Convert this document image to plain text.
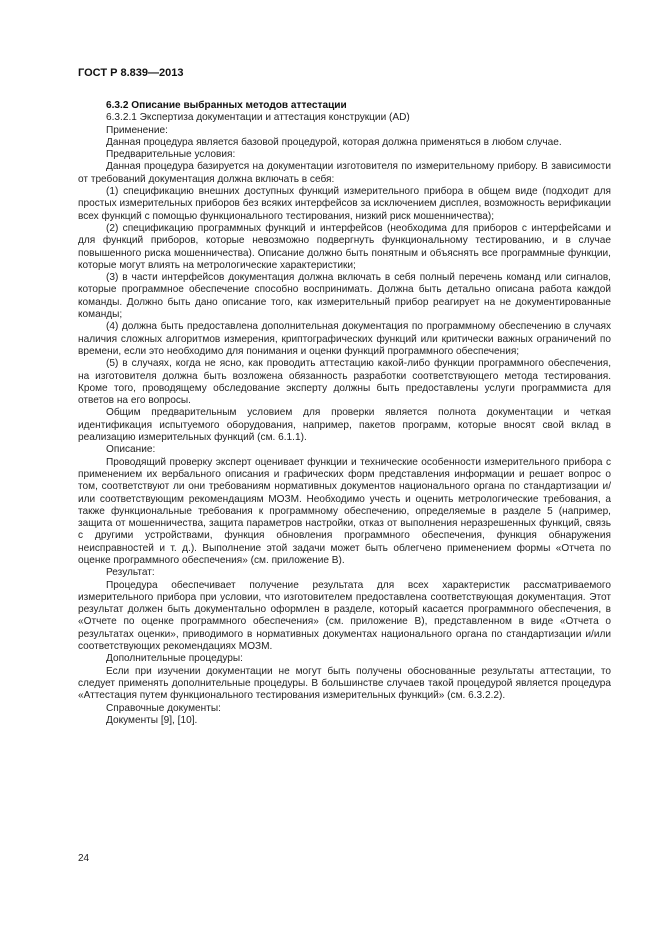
ГОСТ Р 8.839—2013

6.3.2 Описание выбранных методов аттестации

6.3.2.1 Экспертиза документации и аттестация конструкции (AD)

Применение:

Данная процедура является базовой процедурой, которая должна применяться в любом случае.

Предварительные условия:

Данная процедура базируется на документации изготовителя по измерительному прибору. В зависимости от требований документация должна включать в себя:

(1) спецификацию внешних доступных функций измерительного прибора в общем виде (подходит для простых измерительных приборов без всяких интерфейсов за исключением дисплея, возможность верификации всех функций с помощью функционального тестирования, низкий риск мошенничества);

(2) спецификацию программных функций и интерфейсов (необходима для приборов с интерфейсами и для функций приборов, которые невозможно подвергнуть функциональному тестированию, и в случае повышенного риска мошенничества). Описание должно быть понятным и объяснять все программные функции, которые могут влиять на метрологические характеристики;

(3) в части интерфейсов документация должна включать в себя полный перечень команд или сигналов, которые программное обеспечение способно воспринимать. Должна быть детально описана работа каждой команды. Должно быть дано описание того, как измерительный прибор реагирует на не документированные команды;

(4) должна быть предоставлена дополнительная документация по программному обеспечению в случаях наличия сложных алгоритмов измерения, криптографических функций или критически важных ограничений по времени, если это необходимо для понимания и оценки функций программного обеспечения;

(5) в случаях, когда не ясно, как проводить аттестацию какой-либо функции программного обеспечения, на изготовителя должна быть возложена обязанность разработки соответствующего метода тестирования. Кроме того, проводящему обследование эксперту должны быть предоставлены услуги программиста для ответов на его вопросы.

Общим предварительным условием для проверки является полнота документации и четкая идентификация испытуемого оборудования, например, пакетов программ, которые вносят свой вклад в реализацию измерительных функций (см. 6.1.1).

Описание:

Проводящий проверку эксперт оценивает функции и технические особенности измерительного прибора с применением их вербального описания и графических форм представления информации и решает вопрос о том, соответствуют ли они требованиям нормативных документов национального органа по стандартизации и/или соответствующим рекомендациям МОЗМ. Необходимо учесть и оценить метрологические требования, а также функциональные требования к программному обеспечению, определяемые в разделе 5 (например, защита от мошенничества, защита параметров настройки, отказ от выполнения неразрешенных функций, связь с другими устройствами, функция обновления программного обеспечения, функция обнаружения неисправностей и т. д.). Выполнение этой задачи может быть облегчено применением формы «Отчета по оценке программного обеспечения» (см. приложение В).

Результат:

Процедура обеспечивает получение результата для всех характеристик рассматриваемого измерительного прибора при условии, что изготовителем предоставлена соответствующая документация. Этот результат должен быть документально оформлен в разделе, который касается программного обеспечения, в «Отчете по оценке программного обеспечения» (см. приложение В), представленном в виде «Отчета о результатах оценки», приводимого в нормативных документах национального органа по стандартизации и/или соответствующих рекомендациях МОЗМ.

Дополнительные процедуры:

Если при изучении документации не могут быть получены обоснованные результаты аттестации, то следует применять дополнительные процедуры. В большинстве случаев такой процедурой является процедура «Аттестация путем функционального тестирования измерительных функций» (см. 6.3.2.2).

Справочные документы:

Документы [9], [10].

24
